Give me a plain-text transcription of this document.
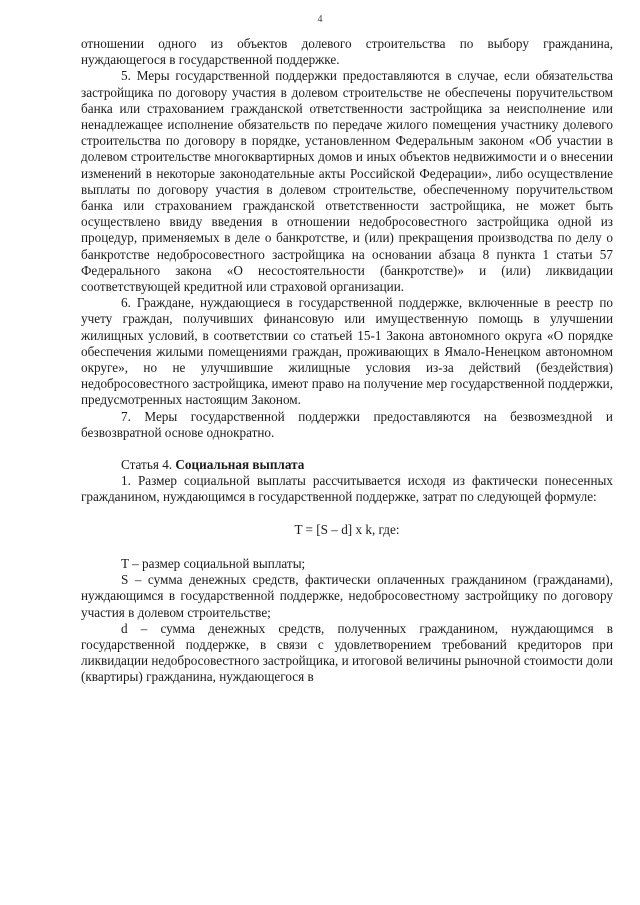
4

отношении одного из объектов долевого строительства по выбору гражданина, нуждающегося в государственной поддержке.

5. Меры государственной поддержки предоставляются в случае, если обязательства застройщика по договору участия в долевом строительстве не обеспечены поручительством банка или страхованием гражданской ответственности застройщика за неисполнение или ненадлежащее исполнение обязательств по передаче жилого помещения участнику долевого строительства по договору в порядке, установленном Федеральным законом «Об участии в долевом строительстве многоквартирных домов и иных объектов недвижимости и о внесении изменений в некоторые законодательные акты Российской Федерации», либо осуществление выплаты по договору участия в долевом строительстве, обеспеченному поручительством банка или страхованием гражданской ответственности застройщика, не может быть осуществлено ввиду введения в отношении недобросовестного застройщика одной из процедур, применяемых в деле о банкротстве, и (или) прекращения производства по делу о банкротстве недобросовестного застройщика на основании абзаца 8 пункта 1 статьи 57 Федерального закона «О несостоятельности (банкротстве)» и (или) ликвидации соответствующей кредитной или страховой организации.

6. Граждане, нуждающиеся в государственной поддержке, включенные в реестр по учету граждан, получивших финансовую или имущественную помощь в улучшении жилищных условий, в соответствии со статьей 15-1 Закона автономного округа «О порядке обеспечения жилыми помещениями граждан, проживающих в Ямало-Ненецком автономном округе», но не улучшившие жилищные условия из-за действий (бездействия) недобросовестного застройщика, имеют право на получение мер государственной поддержки, предусмотренных настоящим Законом.

7. Меры государственной поддержки предоставляются на безвозмездной и безвозвратной основе однократно.

Статья 4. Социальная выплата

1. Размер социальной выплаты рассчитывается исходя из фактически понесенных гражданином, нуждающимся в государственной поддержке, затрат по следующей формуле:

T = [S – d] x k, где:

T – размер социальной выплаты;

S – сумма денежных средств, фактически оплаченных гражданином (гражданами), нуждающимся в государственной поддержке, недобросовестному застройщику по договору участия в долевом строительстве;

d – сумма денежных средств, полученных гражданином, нуждающимся в государственной поддержке, в связи с удовлетворением требований кредиторов при ликвидации недобросовестного застройщика, и итоговой величины рыночной стоимости доли (квартиры) гражданина, нуждающегося в
